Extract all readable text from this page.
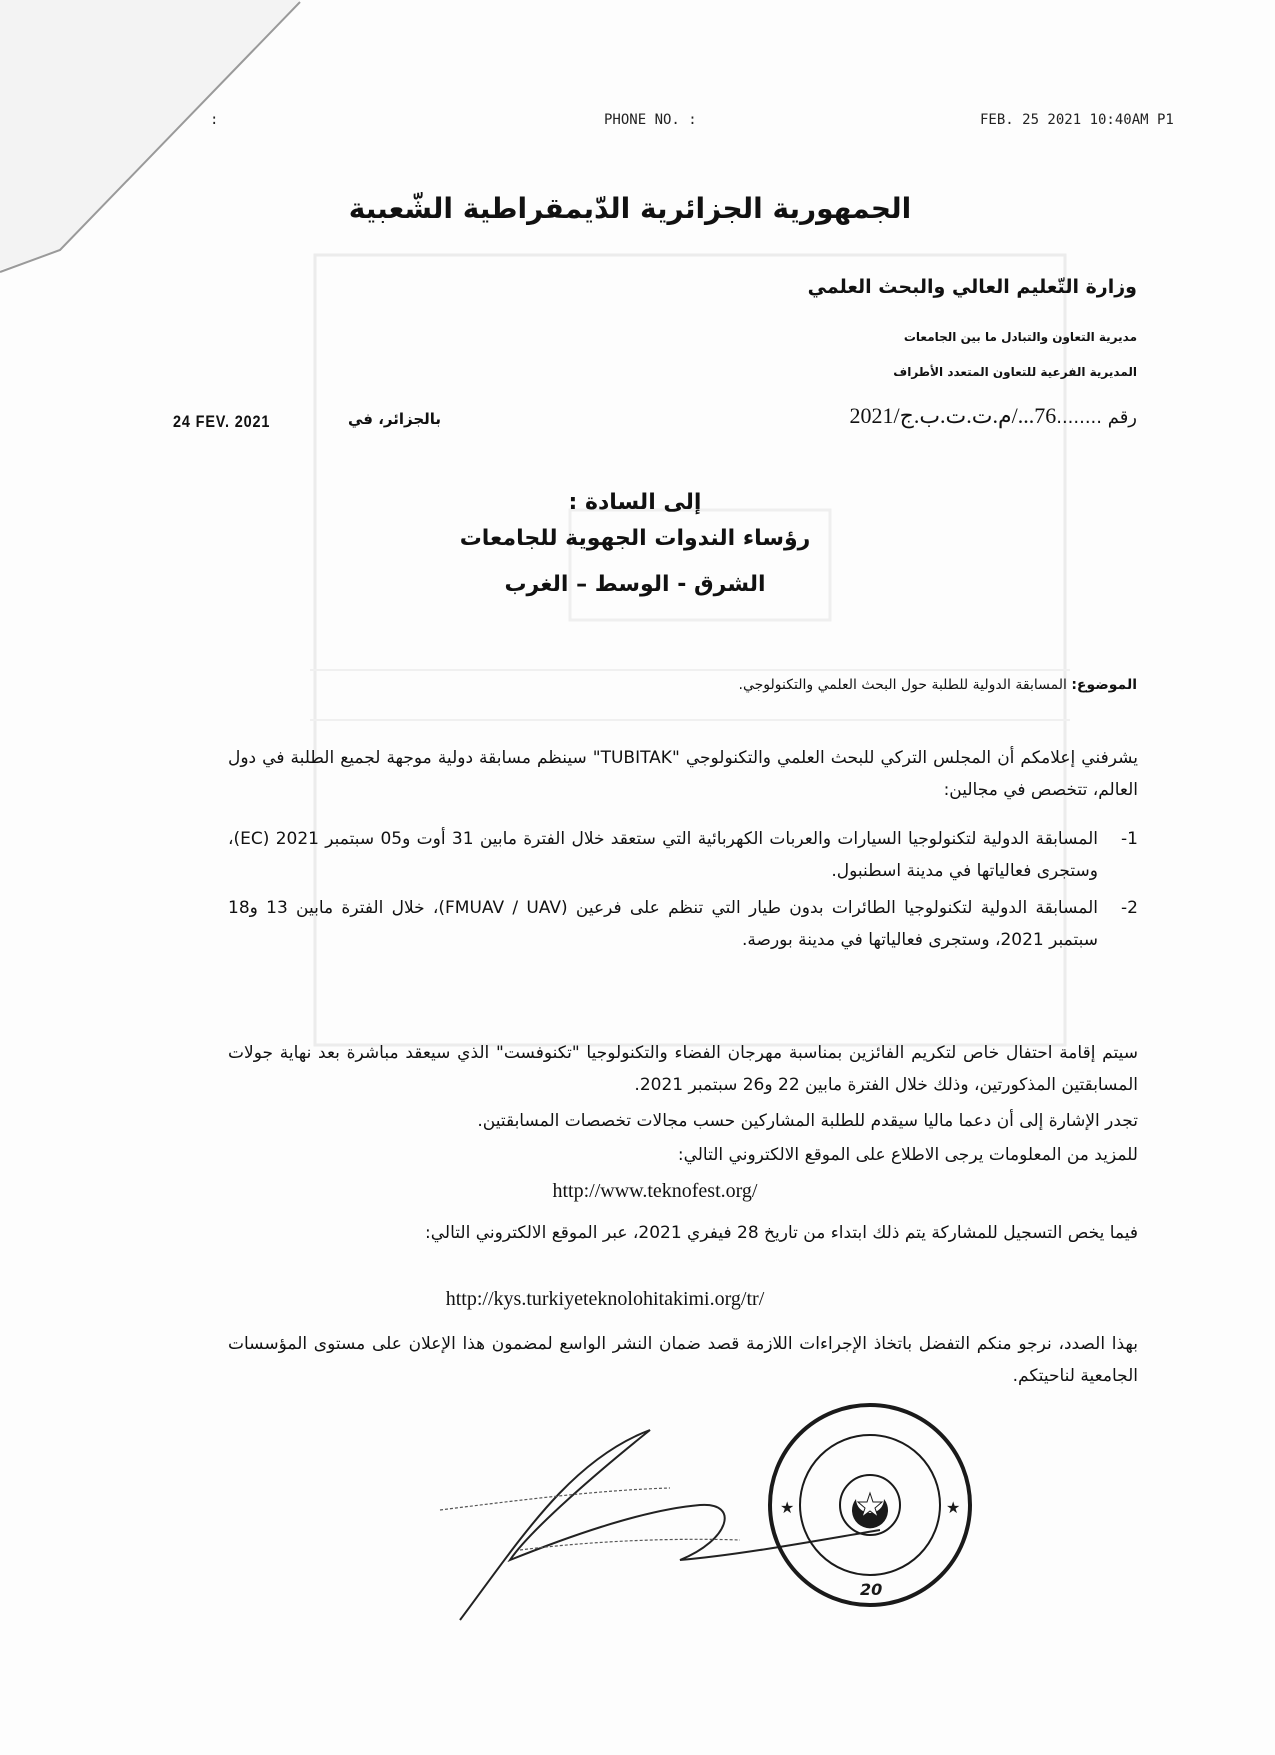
:	PHONE NO. :	FEB. 25 2021 10:40AM P1
الجمهورية الجزائرية الدّيمقراطية الشّعبية
وزارة التّعليم العالي والبحث العلمي
مديرية التعاون والتبادل ما بين الجامعات
المديرية الفرعية للتعاون المتعدد الأطراف
رقم ........76.../م.ت.ت.ب.ج/2021
24 FEV. 2021	بالجزائر، في
إلى السادة :
رؤساء الندوات الجهوية للجامعات
الشرق - الوسط – الغرب
الموضوع: المسابقة الدولية للطلبة حول البحث العلمي والتكنولوجي.
يشرفني إعلامكم أن المجلس التركي للبحث العلمي والتكنولوجي "TUBITAK" سينظم مسابقة دولية موجهة لجميع الطلبة في دول العالم، تتخصص في مجالين:
1-
المسابقة الدولية لتكنولوجيا السيارات والعربات الكهربائية التي ستعقد خلال الفترة مابين 31 أوت و05 سبتمبر 2021 (EC)، وستجرى فعالياتها في مدينة اسطنبول.
2-
المسابقة الدولية لتكنولوجيا الطائرات بدون طيار التي تنظم على فرعين (FMUAV / UAV)، خلال الفترة مابين 13 و18 سبتمبر 2021، وستجرى فعالياتها في مدينة بورصة.
سيتم إقامة احتفال خاص لتكريم الفائزين بمناسبة مهرجان الفضاء والتكنولوجيا "تكنوفست" الذي سيعقد مباشرة بعد نهاية جولات المسابقتين المذكورتين، وذلك خلال الفترة مابين 22 و26 سبتمبر 2021.
تجدر الإشارة إلى أن دعما ماليا سيقدم للطلبة المشاركين حسب مجالات تخصصات المسابقتين.
للمزيد من المعلومات يرجى الاطلاع على الموقع الالكتروني التالي:
http://www.teknofest.org/
فيما يخص التسجيل للمشاركة يتم ذلك ابتداء من تاريخ 28 فيفري 2021، عبر الموقع الالكتروني التالي:
http://kys.turkiyeteknolohitakimi.org/tr/
بهذا الصدد، نرجو منكم التفضل باتخاذ الإجراءات اللازمة قصد ضمان النشر الواسع لمضمون هذا الإعلان على مستوى المؤسسات الجامعية لناحيتكم.
★	★
20
